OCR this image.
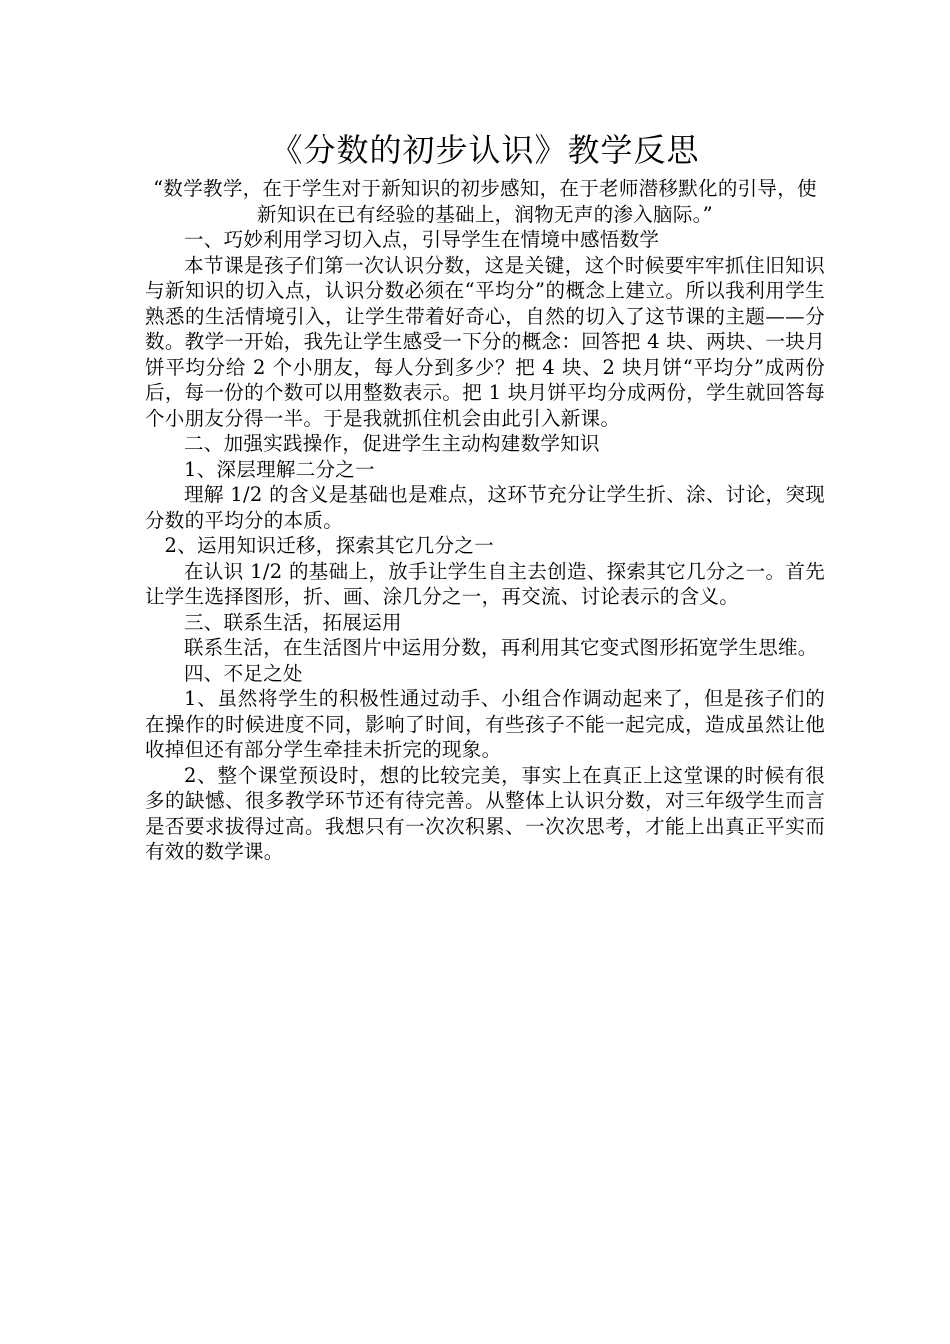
《分数的初步认识》教学反思

“数学教学，在于学生对于新知识的初步感知，在于老师潜移默化的引导，使新知识在已有经验的基础上，润物无声的渗入脑际。”

一、巧妙利用学习切入点，引导学生在情境中感悟数学

本节课是孩子们第一次认识分数，这是关键，这个时候要牢牢抓住旧知识与新知识的切入点，认识分数必须在“平均分”的概念上建立。所以我利用学生熟悉的生活情境引入，让学生带着好奇心，自然的切入了这节课的主题——分数。教学一开始，我先让学生感受一下分的概念：回答把 4 块、两块、一块月饼平均分给 2 个小朋友，每人分到多少？把 4 块、2 块月饼“平均分”成两份后，每一份的个数可以用整数表示。把 1 块月饼平均分成两份，学生就回答每个小朋友分得一半。于是我就抓住机会由此引入新课。

二、加强实践操作，促进学生主动构建数学知识

1、深层理解二分之一

理解 1/2 的含义是基础也是难点，这环节充分让学生折、涂、讨论，突现分数的平均分的本质。

2、运用知识迁移，探索其它几分之一

在认识 1/2 的基础上，放手让学生自主去创造、探索其它几分之一。首先让学生选择图形，折、画、涂几分之一，再交流、讨论表示的含义。

三、联系生活，拓展运用

联系生活，在生活图片中运用分数，再利用其它变式图形拓宽学生思维。

四、不足之处

1、虽然将学生的积极性通过动手、小组合作调动起来了，但是孩子们的在操作的时候进度不同，影响了时间，有些孩子不能一起完成，造成虽然让他收掉但还有部分学生牵挂未折完的现象。

2、整个课堂预设时，想的比较完美，事实上在真正上这堂课的时候有很多的缺憾、很多教学环节还有待完善。从整体上认识分数，对三年级学生而言是否要求拔得过高。我想只有一次次积累、一次次思考，才能上出真正平实而有效的数学课。
